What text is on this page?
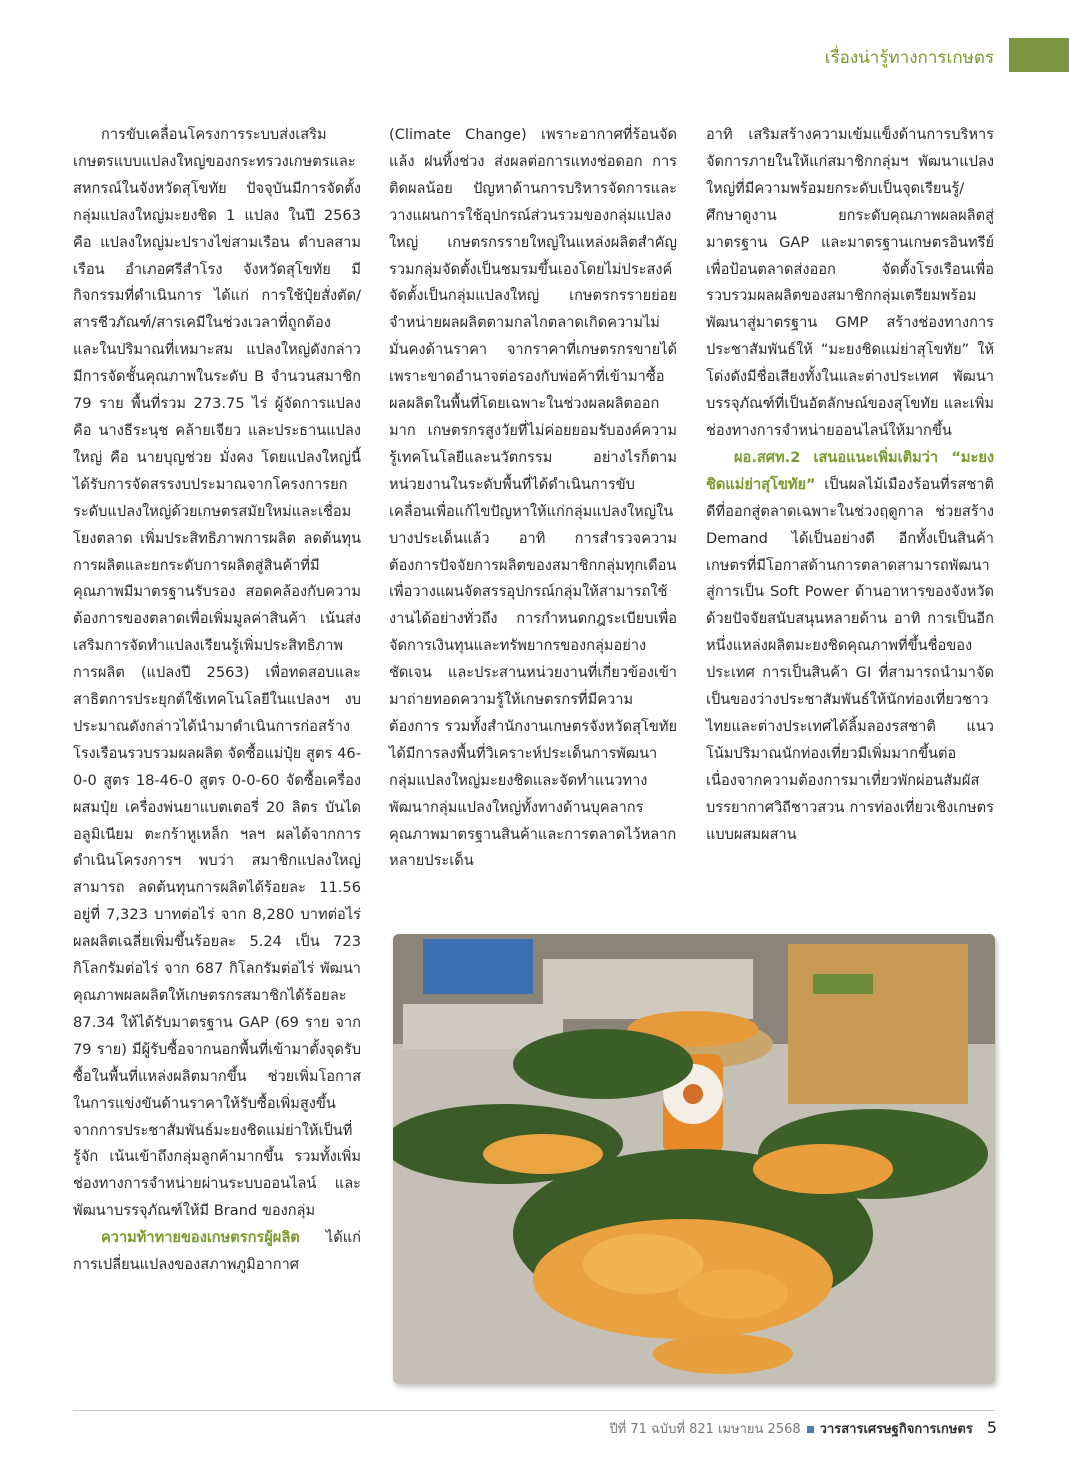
เรื่องน่ารู้ทางการเกษตร

การขับเคลื่อนโครงการระบบส่งเสริมเกษตรแบบแปลงใหญ่ของกระทรวงเกษตรและสหกรณ์ในจังหวัดสุโขทัย ปัจจุบันมีการจัดตั้งกลุ่มแปลงใหญ่มะยงชิด 1 แปลง ในปี 2563 คือ แปลงใหญ่มะปรางไข่สามเรือน ตำบลสามเรือน อำเภอศรีสำโรง จังหวัดสุโขทัย มีกิจกรรมที่ดำเนินการ ได้แก่ การใช้ปุ๋ยสั่งตัด/สารชีวภัณฑ์/สารเคมีในช่วงเวลาที่ถูกต้อง และในปริมาณที่เหมาะสม แปลงใหญ่ดังกล่าว มีการจัดชั้นคุณภาพในระดับ B จำนวนสมาชิก 79 ราย พื้นที่รวม 273.75 ไร่ ผู้จัดการแปลง คือ นางธีระนุช คล้ายเจียว และประธานแปลงใหญ่ คือ นายบุญช่วย มั่งคง โดยแปลงใหญ่นี้ ได้รับการจัดสรรงบประมาณจากโครงการยกระดับแปลงใหญ่ด้วยเกษตรสมัยใหม่และเชื่อมโยงตลาด เพิ่มประสิทธิภาพการผลิต ลดต้นทุนการผลิตและยกระดับการผลิตสู่สินค้าที่มีคุณภาพมีมาตรฐานรับรอง สอดคล้องกับความต้องการของตลาดเพื่อเพิ่มมูลค่าสินค้า เน้นส่งเสริมการจัดทำแปลงเรียนรู้เพิ่มประสิทธิภาพการผลิต (แปลงปี 2563) เพื่อทดสอบและสาธิตการประยุกต์ใช้เทคโนโลยีในแปลงฯ งบประมาณดังกล่าวได้นำมาดำเนินการก่อสร้างโรงเรือนรวบรวมผลผลิต จัดซื้อแม่ปุ๋ย สูตร 46-0-0 สูตร 18-46-0 สูตร 0-0-60 จัดซื้อเครื่องผสมปุ๋ย เครื่องพ่นยาแบตเตอรี่ 20 ลิตร บันไดอลูมิเนียม ตะกร้าหูเหล็ก ฯลฯ ผลได้จากการดำเนินโครงการฯ พบว่า สมาชิกแปลงใหญ่สามารถ ลดต้นทุนการผลิตได้ร้อยละ 11.56 อยู่ที่ 7,323 บาทต่อไร่ จาก 8,280 บาทต่อไร่ ผลผลิตเฉลี่ยเพิ่มขึ้นร้อยละ 5.24 เป็น 723 กิโลกรัมต่อไร่ จาก 687 กิโลกรัมต่อไร่ พัฒนาคุณภาพผลผลิตให้เกษตรกรสมาชิกได้ร้อยละ 87.34 ให้ได้รับมาตรฐาน GAP (69 ราย จาก 79 ราย) มีผู้รับซื้อจากนอกพื้นที่เข้ามาตั้งจุดรับซื้อในพื้นที่แหล่งผลิตมากขึ้น ช่วยเพิ่มโอกาสในการแข่งขันด้านราคาให้รับซื้อเพิ่มสูงขึ้น จากการประชาสัมพันธ์มะยงชิดแม่ย่าให้เป็นที่รู้จัก เน้นเข้าถึงกลุ่มลูกค้ามากขึ้น รวมทั้งเพิ่มช่องทางการจำหน่ายผ่านระบบออนไลน์ และพัฒนาบรรจุภัณฑ์ให้มี Brand ของกลุ่ม

ความท้าทายของเกษตรกรผู้ผลิต ได้แก่ การเปลี่ยนแปลงของสภาพภูมิอากาศ

(Climate Change) เพราะอากาศที่ร้อนจัด แล้ง ฝนทิ้งช่วง ส่งผลต่อการแทงช่อดอก การติดผลน้อย ปัญหาด้านการบริหารจัดการและวางแผนการใช้อุปกรณ์ส่วนรวมของกลุ่มแปลงใหญ่ เกษตรกรรายใหญ่ในแหล่งผลิตสำคัญรวมกลุ่มจัดตั้งเป็นชมรมขึ้นเองโดยไม่ประสงค์จัดตั้งเป็นกลุ่มแปลงใหญ่ เกษตรกรรายย่อยจำหน่ายผลผลิตตามกลไกตลาดเกิดความไม่มั่นคงด้านราคา จากราคาที่เกษตรกรขายได้เพราะขาดอำนาจต่อรองกับพ่อค้าที่เข้ามาซื้อผลผลิตในพื้นที่โดยเฉพาะในช่วงผลผลิตออกมาก เกษตรกรสูงวัยที่ไม่ค่อยยอมรับองค์ความรู้เทคโนโลยีและนวัตกรรม อย่างไรก็ตาม หน่วยงานในระดับพื้นที่ได้ดำเนินการขับเคลื่อนเพื่อแก้ไขปัญหาให้แก่กลุ่มแปลงใหญ่ในบางประเด็นแล้ว อาทิ การสำรวจความต้องการปัจจัยการผลิตของสมาชิกกลุ่มทุกเดือนเพื่อวางแผนจัดสรรอุปกรณ์กลุ่มให้สามารถใช้งานได้อย่างทั่วถึง การกำหนดกฎระเบียบเพื่อจัดการเงินทุนและทรัพยากรของกลุ่มอย่างชัดเจน และประสานหน่วยงานที่เกี่ยวข้องเข้ามาถ่ายทอดความรู้ให้เกษตรกรที่มีความต้องการ รวมทั้งสำนักงานเกษตรจังหวัดสุโขทัยได้มีการลงพื้นที่วิเคราะห์ประเด็นการพัฒนากลุ่มแปลงใหญ่มะยงชิดและจัดทำแนวทางพัฒนากลุ่มแปลงใหญ่ทั้งทางด้านบุคลากร คุณภาพมาตรฐานสินค้าและการตลาดไว้หลากหลายประเด็น

อาทิ เสริมสร้างความเข้มแข็งด้านการบริหารจัดการภายในให้แก่สมาชิกกลุ่มฯ พัฒนาแปลงใหญ่ที่มีความพร้อมยกระดับเป็นจุดเรียนรู้/ศึกษาดูงาน ยกระดับคุณภาพผลผลิตสู่มาตรฐาน GAP และมาตรฐานเกษตรอินทรีย์เพื่อป้อนตลาดส่งออก จัดตั้งโรงเรือนเพื่อรวบรวมผลผลิตของสมาชิกกลุ่มเตรียมพร้อมพัฒนาสู่มาตรฐาน GMP สร้างช่องทางการประชาสัมพันธ์ให้ “มะยงชิดแม่ย่าสุโขทัย” ให้โด่งดังมีชื่อเสียงทั้งในและต่างประเทศ พัฒนาบรรจุภัณฑ์ที่เป็นอัตลักษณ์ของสุโขทัย และเพิ่มช่องทางการจำหน่ายออนไลน์ให้มากขึ้น

ผอ.สศท.2 เสนอแนะเพิ่มเติมว่า “มะยงชิดแม่ย่าสุโขทัย” เป็นผลไม้เมืองร้อนที่รสชาติดีที่ออกสู่ตลาดเฉพาะในช่วงฤดูกาล ช่วยสร้าง Demand ได้เป็นอย่างดี อีกทั้งเป็นสินค้าเกษตรที่มีโอกาสด้านการตลาดสามารถพัฒนาสู่การเป็น Soft Power ด้านอาหารของจังหวัด ด้วยปัจจัยสนับสนุนหลายด้าน อาทิ การเป็นอีกหนึ่งแหล่งผลิตมะยงชิดคุณภาพที่ขึ้นชื่อของประเทศ การเป็นสินค้า GI ที่สามารถนำมาจัดเป็นของว่างประชาสัมพันธ์ให้นักท่องเที่ยวชาวไทยและต่างประเทศได้ลิ้มลองรสชาติ แนวโน้มปริมาณนักท่องเที่ยวมีเพิ่มมากขึ้นต่อเนื่องจากความต้องการมาเที่ยวพักผ่อนสัมผัสบรรยากาศวิถีชาวสวน การท่องเที่ยวเชิงเกษตรแบบผสมผสาน

ปีที่ 71 ฉบับที่ 821 เมษายน 2568 วารสารเศรษฐกิจการเกษตร 5
